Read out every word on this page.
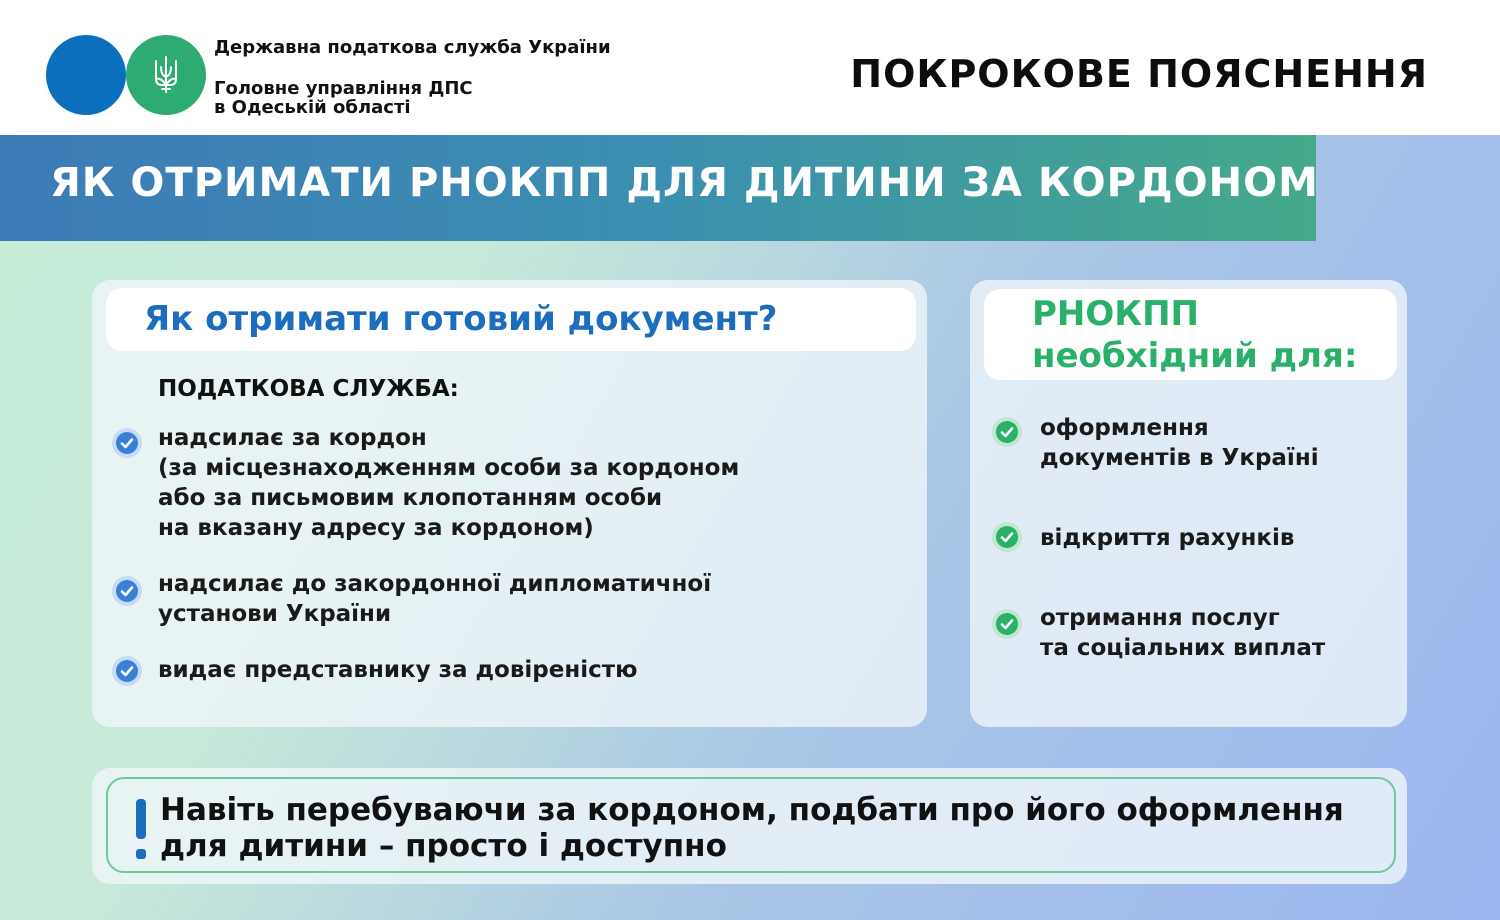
Державна податкова служба України
Головне управління ДПС
в Одеській області
ПОКРОКОВЕ ПОЯСНЕННЯ
ЯК ОТРИМАТИ РНОКПП ДЛЯ ДИТИНИ ЗА КОРДОНОМ
Як отримати готовий документ?
ПОДАТКОВА СЛУЖБА:
надсилає за кордон
(за місцезнаходженням особи за кордоном
або за письмовим клопотанням особи
на вказану адресу за кордоном)
надсилає до закордонної дипломатичної
установи України
видає представнику за довіреністю
РНОКПП
необхідний для:
оформлення
документів в Україні
відкриття рахунків
отримання послуг
та соціальних виплат
Навіть перебуваючи за кордоном, подбати про його оформлення
для дитини – просто і доступно
